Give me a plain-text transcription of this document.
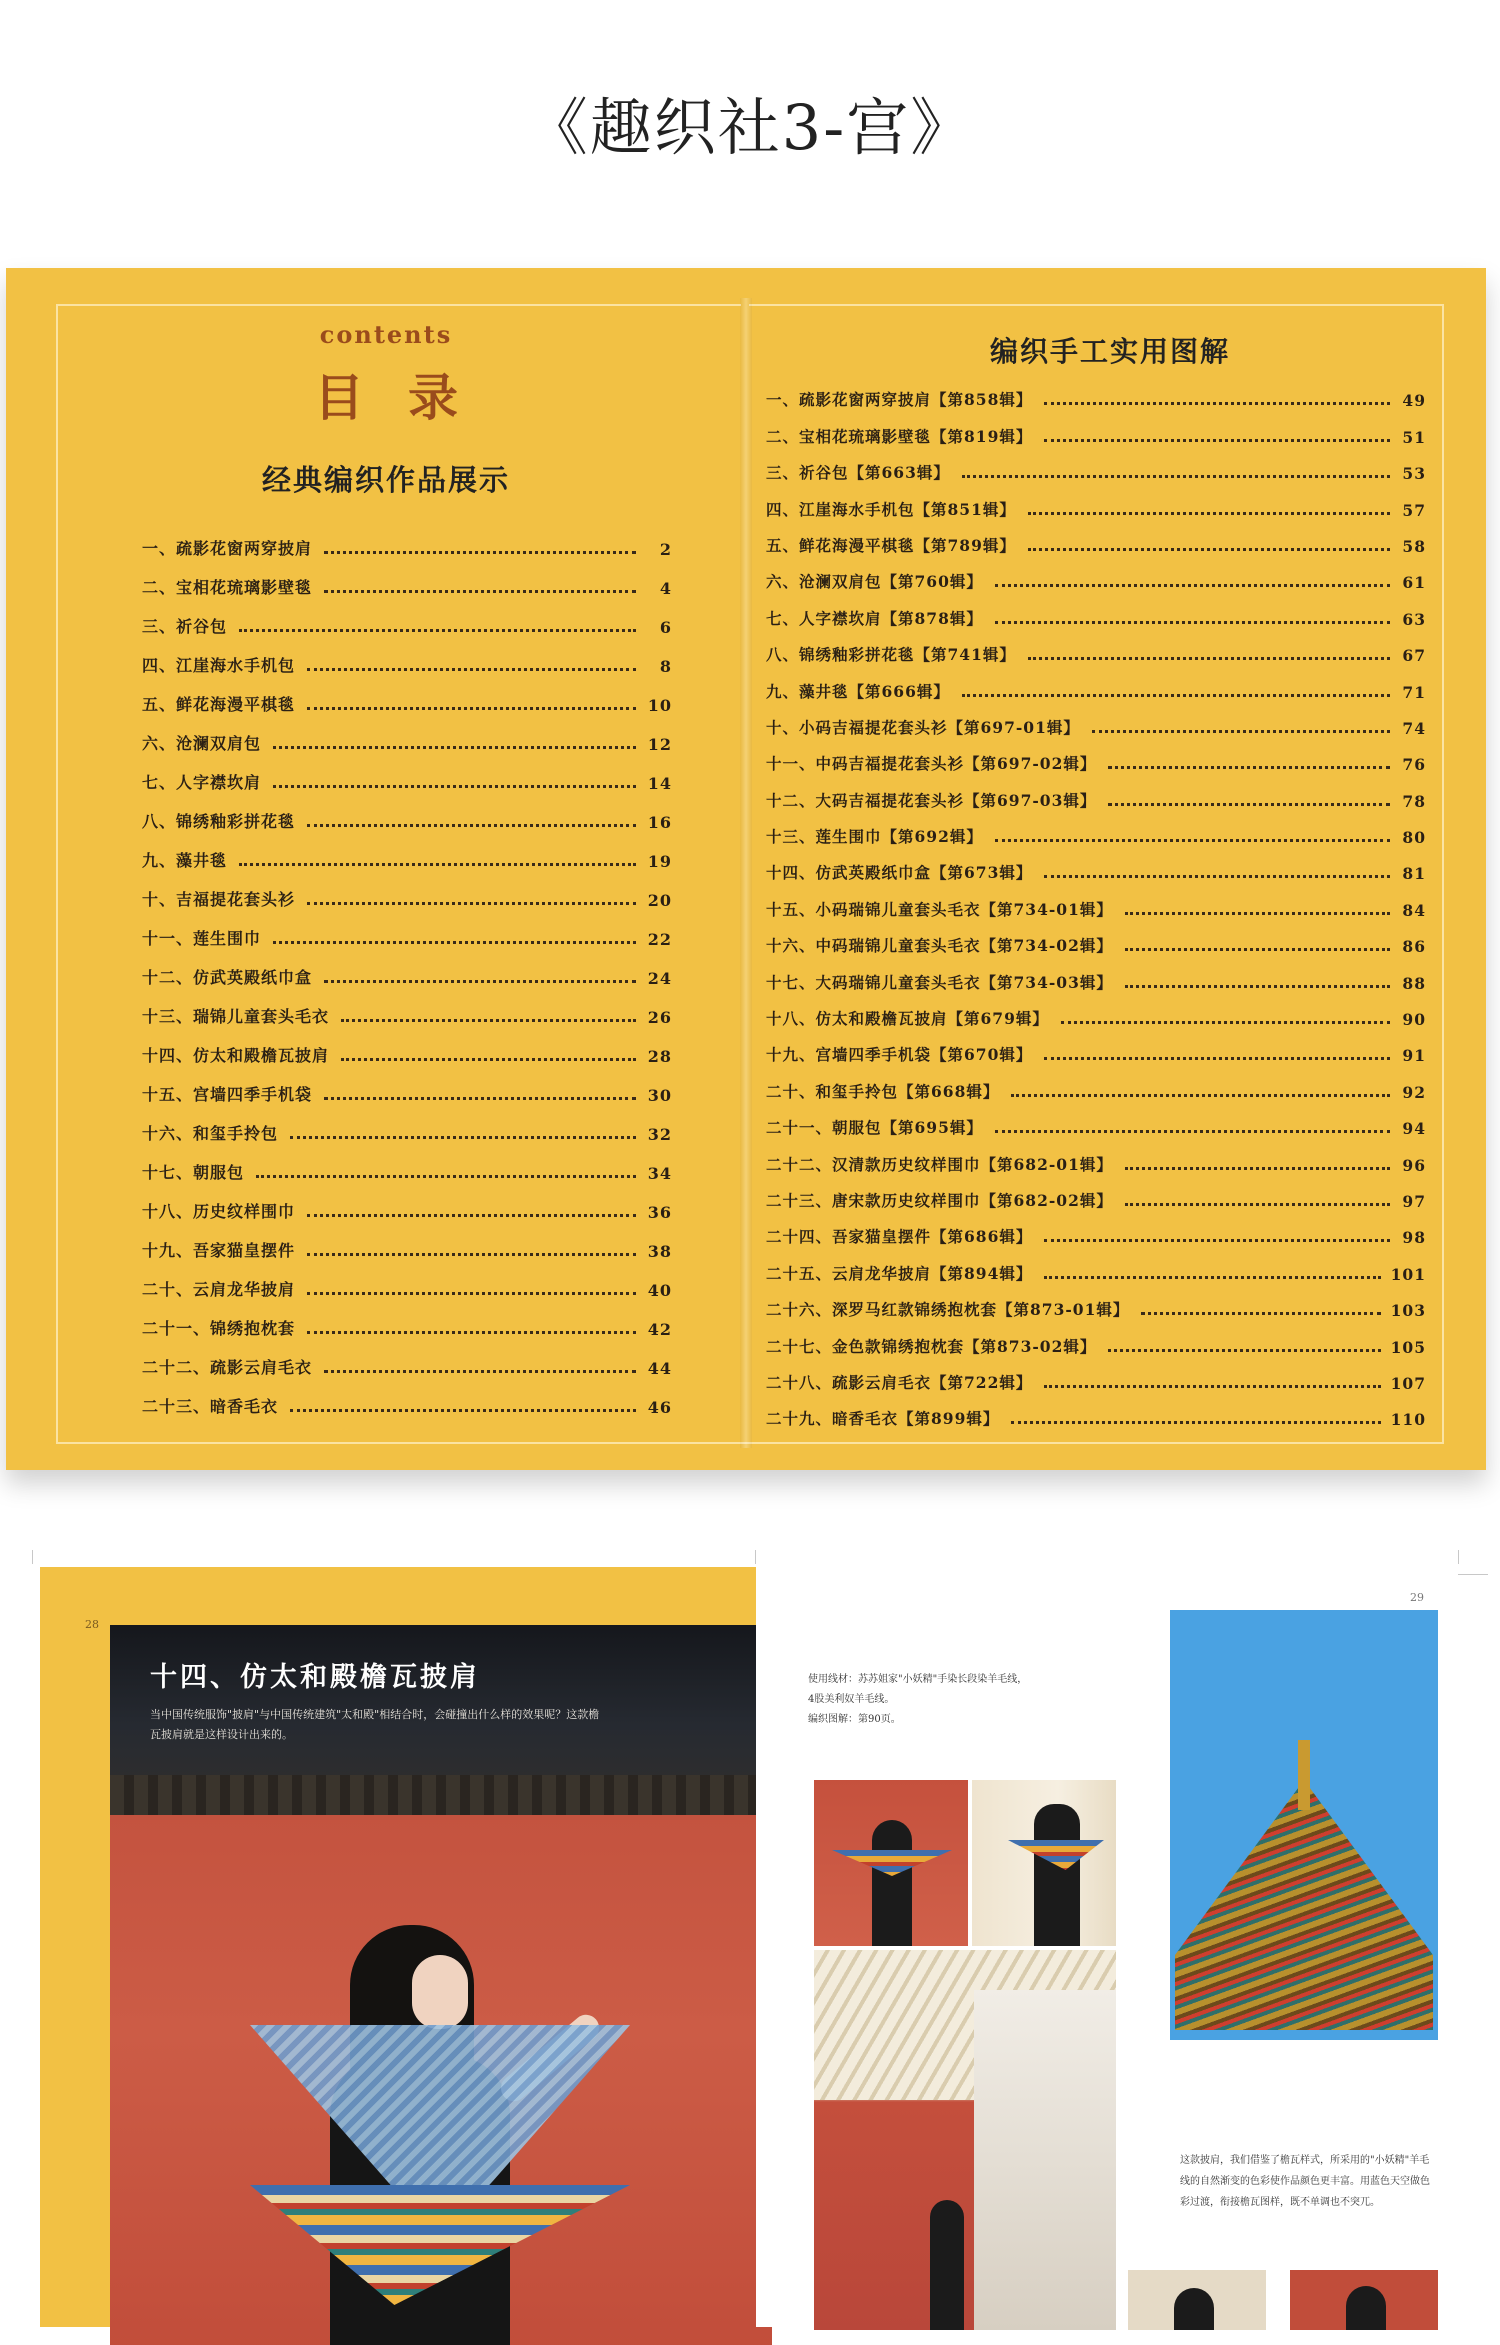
《趣织社3-宫》
contents
目录
经典编织作品展示
编织手工实用图解
一、疏影花窗两穿披肩	2
二、宝相花琉璃影壁毯	4
三、祈谷包	6
四、江崖海水手机包	8
五、鲜花海漫平棋毯	10
六、沧澜双肩包	12
七、人字襟坎肩	14
八、锦绣釉彩拼花毯	16
九、藻井毯	19
十、吉福提花套头衫	20
十一、莲生围巾	22
十二、仿武英殿纸巾盒	24
十三、瑞锦儿童套头毛衣	26
十四、仿太和殿檐瓦披肩	28
十五、宫墙四季手机袋	30
十六、和玺手拎包	32
十七、朝服包	34
十八、历史纹样围巾	36
十九、吾家猫皇摆件	38
二十、云肩龙华披肩	40
二十一、锦绣抱枕套	42
二十二、疏影云肩毛衣	44
二十三、暗香毛衣	46
一、疏影花窗两穿披肩【第858辑】	49
二、宝相花琉璃影壁毯【第819辑】	51
三、祈谷包【第663辑】	53
四、江崖海水手机包【第851辑】	57
五、鲜花海漫平棋毯【第789辑】	58
六、沧澜双肩包【第760辑】	61
七、人字襟坎肩【第878辑】	63
八、锦绣釉彩拼花毯【第741辑】	67
九、藻井毯【第666辑】	71
十、小码吉福提花套头衫【第697-01辑】	74
十一、中码吉福提花套头衫【第697-02辑】	76
十二、大码吉福提花套头衫【第697-03辑】	78
十三、莲生围巾【第692辑】	80
十四、仿武英殿纸巾盒【第673辑】	81
十五、小码瑞锦儿童套头毛衣【第734-01辑】	84
十六、中码瑞锦儿童套头毛衣【第734-02辑】	86
十七、大码瑞锦儿童套头毛衣【第734-03辑】	88
十八、仿太和殿檐瓦披肩【第679辑】	90
十九、宫墙四季手机袋【第670辑】	91
二十、和玺手拎包【第668辑】	92
二十一、朝服包【第695辑】	94
二十二、汉清款历史纹样围巾【第682-01辑】	96
二十三、唐宋款历史纹样围巾【第682-02辑】	97
二十四、吾家猫皇摆件【第686辑】	98
二十五、云肩龙华披肩【第894辑】	101
二十六、深罗马红款锦绣抱枕套【第873-01辑】	103
二十七、金色款锦绣抱枕套【第873-02辑】	105
二十八、疏影云肩毛衣【第722辑】	107
二十九、暗香毛衣【第899辑】	110
28
十四、仿太和殿檐瓦披肩
当中国传统服饰"披肩"与中国传统建筑"太和殿"相结合时，会碰撞出什么样的效果呢？这款檐瓦披肩就是这样设计出来的。
29
使用线材：苏苏姐家"小妖精"手染长段染羊毛线，
4股美利奴羊毛线。
编织图解：第90页。
这款披肩，我们借鉴了檐瓦样式，所采用的"小妖精"羊毛线的自然渐变的色彩使作品颜色更丰富。用蓝色天空做色彩过渡，衔接檐瓦图样，既不单调也不突兀。
